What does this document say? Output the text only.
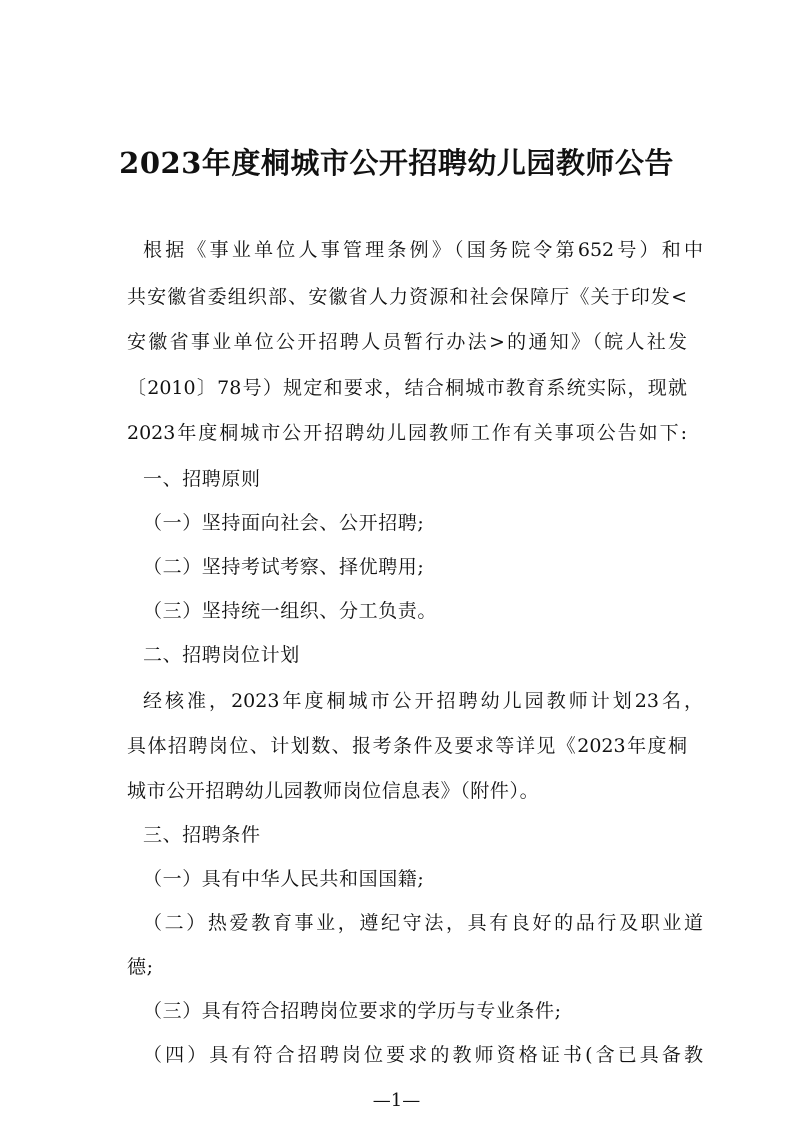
2023年度桐城市公开招聘幼儿园教师公告
根据《事业单位人事管理条例》（国务院令第652号）和中
共安徽省委组织部、安徽省人力资源和社会保障厅《关于印发<
安徽省事业单位公开招聘人员暂行办法>的通知》（皖人社发
〔2010〕78号）规定和要求，结合桐城市教育系统实际，现就
2023年度桐城市公开招聘幼儿园教师工作有关事项公告如下:
一、招聘原则
（一）坚持面向社会、公开招聘;
（二）坚持考试考察、择优聘用;
（三）坚持统一组织、分工负责。
二、招聘岗位计划
经核准，2023年度桐城市公开招聘幼儿园教师计划23名，
具体招聘岗位、计划数、报考条件及要求等详见《2023年度桐
城市公开招聘幼儿园教师岗位信息表》（附件）。
三、招聘条件
（一）具有中华人民共和国国籍;
（二）热爱教育事业，遵纪守法，具有良好的品行及职业道
德;
（三）具有符合招聘岗位要求的学历与专业条件;
（四）具有符合招聘岗位要求的教师资格证书(含已具备教
—1—
